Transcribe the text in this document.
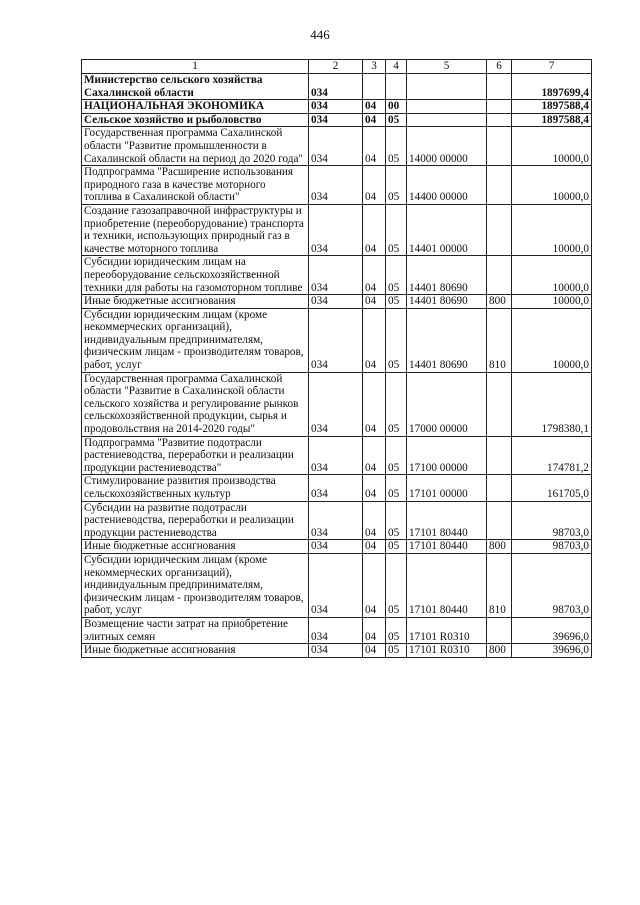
446
1	2	3	4	5	6	7
Министерство сельского хозяйства Сахалинской области	034					1897699,4
НАЦИОНАЛЬНАЯ ЭКОНОМИКА	034	04	00			1897588,4
Сельское хозяйство и рыболовство	034	04	05			1897588,4
Государственная программа Сахалинской области "Развитие промышленности в Сахалинской области на период до 2020 года"	034	04	05	14000 00000		10000,0
Подпрограмма "Расширение использования природного газа в качестве моторного топлива в Сахалинской области"	034	04	05	14400 00000		10000,0
Создание газозаправочной инфраструктуры и приобретение (переоборудование) транспорта и техники, использующих природный газ в качестве моторного топлива	034	04	05	14401 00000		10000,0
Субсидии юридическим лицам на переоборудование сельскохозяйственной техники для работы на газомоторном топливе	034	04	05	14401 80690		10000,0
Иные бюджетные ассигнования	034	04	05	14401 80690	800	10000,0
Субсидии юридическим лицам (кроме некоммерческих организаций), индивидуальным предпринимателям, физическим лицам - производителям товаров, работ, услуг	034	04	05	14401 80690	810	10000,0
Государственная программа Сахалинской области "Развитие в Сахалинской области сельского хозяйства и регулирование рынков сельскохозяйственной продукции, сырья и продовольствия на 2014-2020 годы"	034	04	05	17000 00000		1798380,1
Подпрограмма "Развитие подотрасли растениеводства, переработки и реализации продукции растениеводства"	034	04	05	17100 00000		174781,2
Стимулирование развития производства сельскохозяйственных культур	034	04	05	17101 00000		161705,0
Субсидии на развитие подотрасли растениеводства, переработки и реализации продукции растениеводства	034	04	05	17101 80440		98703,0
Иные бюджетные ассигнования	034	04	05	17101 80440	800	98703,0
Субсидии юридическим лицам (кроме некоммерческих организаций), индивидуальным предпринимателям, физическим лицам - производителям товаров, работ, услуг	034	04	05	17101 80440	810	98703,0
Возмещение части затрат на приобретение элитных семян	034	04	05	17101 R0310		39696,0
Иные бюджетные ассигнования	034	04	05	17101 R0310	800	39696,0
